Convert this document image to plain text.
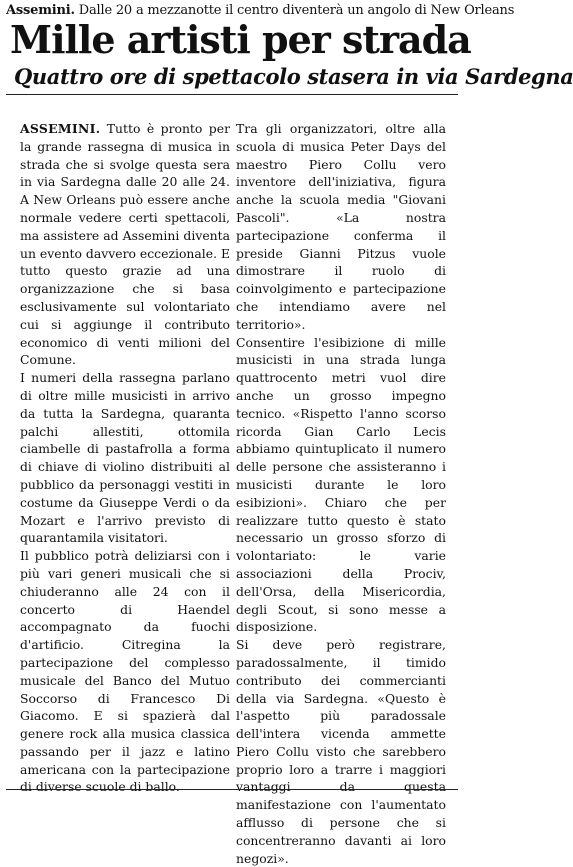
Assemini. Dalle 20 a mezzanotte il centro diventerà un angolo di New Orleans
Mille artisti per strada
Quattro ore di spettacolo stasera in via Sardegna

ASSEMINI. Tutto è pronto per la grande rassegna di musica in strada che si svolge questa sera in via Sardegna dalle 20 alle 24. A New Orleans può essere anche normale vedere certi spettacoli, ma assistere ad Assemini diventa un evento davvero eccezionale. E tutto questo grazie ad una organizzazione che si basa esclusivamente sul volontariato cui si aggiunge il contributo economico di venti milioni del Comune.

I numeri della rassegna parlano di oltre mille musicisti in arrivo da tutta la Sardegna, quaranta palchi allestiti, ottomila ciambelle di pastafrolla a forma di chiave di violino distribuiti al pubblico da personaggi vestiti in costume da Giuseppe Verdi o da Mozart e l'arrivo previsto di quarantamila visitatori.

Il pubblico potrà deliziarsi con i più vari generi musicali che si chiuderanno alle 24 con il concerto di Haendel accompagnato da fuochi d'artificio. Citregina la partecipazione del complesso musicale del Banco del Mutuo Soccorso di Francesco Di Giacomo. E si spazierà dal genere rock alla musica classica passando per il jazz e latino americana con la partecipazione di diverse scuole di ballo.

Tra gli organizzatori, oltre alla scuola di musica Peter Days del maestro Piero Collu vero inventore dell'iniziativa, figura anche la scuola media "Giovani Pascoli". «La nostra partecipazione conferma il preside Gianni Pitzus vuole dimostrare il ruolo di coinvolgimento e partecipazione che intendiamo avere nel territorio».

Consentire l'esibizione di mille musicisti in una strada lunga quattrocento metri vuol dire anche un grosso impegno tecnico. «Rispetto l'anno scorso ricorda Gian Carlo Lecis abbiamo quintuplicato il numero delle persone che assisteranno i musicisti durante le loro esibizioni». Chiaro che per realizzare tutto questo è stato necessario un grosso sforzo di volontariato: le varie associazioni della Prociv, dell'Orsa, della Misericordia, degli Scout, si sono messe a disposizione.

Si deve però registrare, paradossalmente, il timido contributo dei commercianti della via Sardegna. «Questo è l'aspetto più paradossale dell'intera vicenda ammette Piero Collu visto che sarebbero proprio loro a trarre i maggiori vantaggi da questa manifestazione con l'aumentato afflusso di persone che si concentreranno davanti ai loro negozi».
